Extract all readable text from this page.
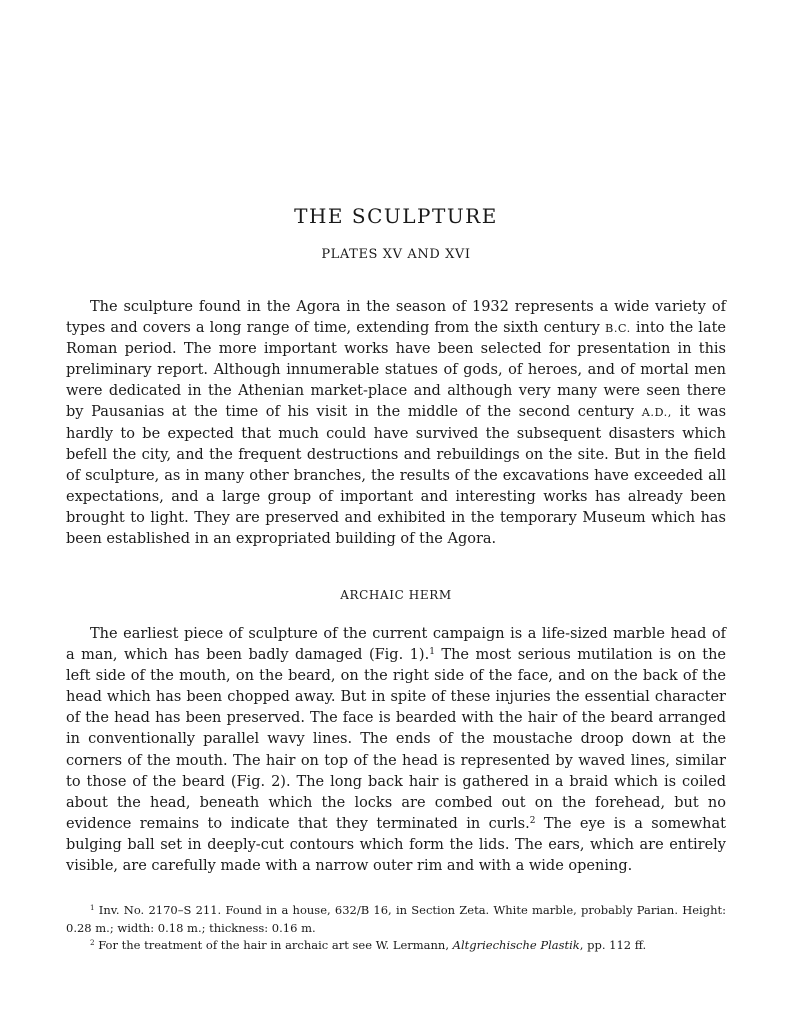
THE SCULPTURE
PLATES XV AND XVI

The sculpture found in the Agora in the season of 1932 represents a wide variety of types and covers a long range of time, extending from the sixth century B.C. into the late Roman period. The more important works have been selected for presentation in this preliminary report. Although innumerable statues of gods, of heroes, and of mortal men were dedicated in the Athenian market-place and although very many were seen there by Pausanias at the time of his visit in the middle of the second century A.D., it was hardly to be expected that much could have survived the subsequent disasters which befell the city, and the frequent destructions and rebuildings on the site. But in the field of sculpture, as in many other branches, the results of the excavations have exceeded all expectations, and a large group of important and interesting works has already been brought to light. They are preserved and exhibited in the temporary Museum which has been established in an expropriated building of the Agora.

ARCHAIC HERM

The earliest piece of sculpture of the current campaign is a life-sized marble head of a man, which has been badly damaged (Fig. 1).$^1$ The most serious mutilation is on the left side of the mouth, on the beard, on the right side of the face, and on the back of the head which has been chopped away. But in spite of these injuries the essential character of the head has been preserved. The face is bearded with the hair of the beard arranged in conventionally parallel wavy lines. The ends of the moustache droop down at the corners of the mouth. The hair on top of the head is represented by waved lines, similar to those of the beard (Fig. 2). The long back hair is gathered in a braid which is coiled about the head, beneath which the locks are combed out on the forehead, but no evidence remains to indicate that they terminated in curls.$^2$ The eye is a somewhat bulging ball set in deeply-cut contours which form the lids. The ears, which are entirely visible, are carefully made with a narrow outer rim and with a wide opening.

$^1$ Inv. No. 2170–S 211. Found in a house, 632/B 16, in Section Zeta. White marble, probably Parian. Height: 0.28 m.; width: 0.18 m.; thickness: 0.16 m.

$^2$ For the treatment of the hair in archaic art see W. Lermann, Altgriechische Plastik, pp. 112 ff.
